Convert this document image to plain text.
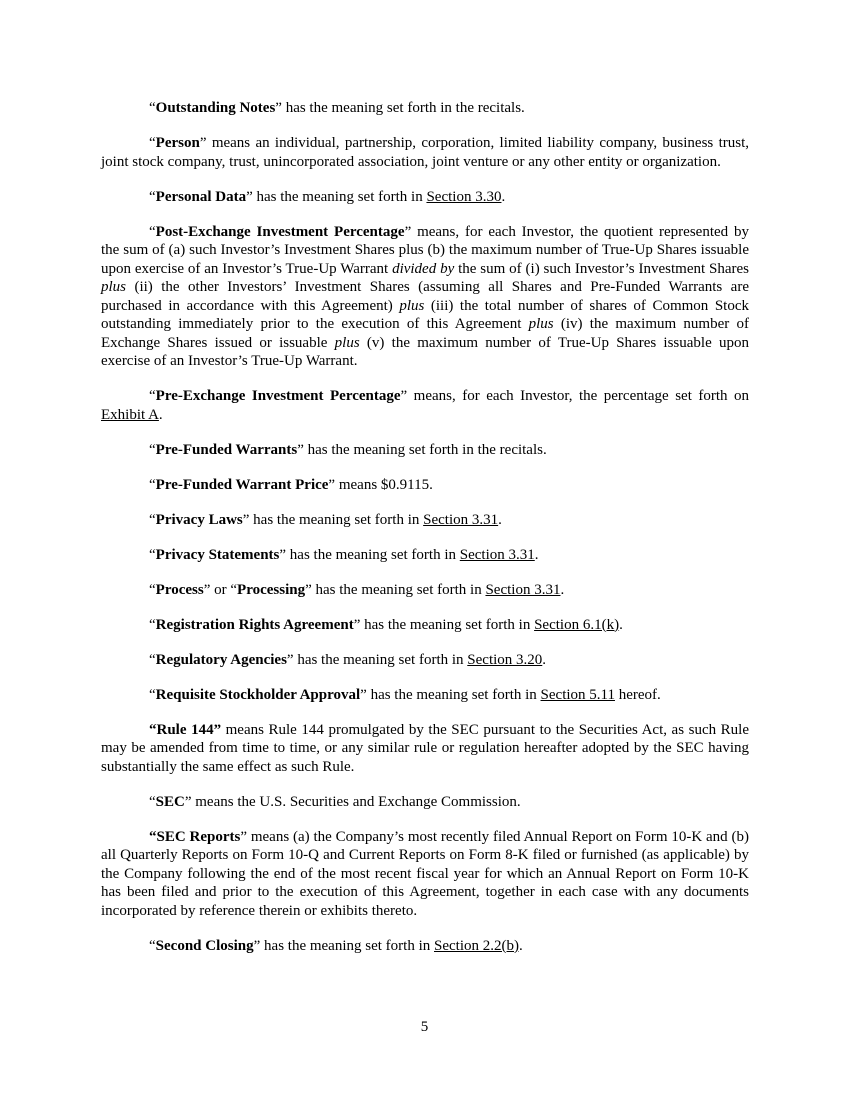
“Outstanding Notes” has the meaning set forth in the recitals.

“Person” means an individual, partnership, corporation, limited liability company, business trust, joint stock company, trust, unincorporated association, joint venture or any other entity or organization.

“Personal Data” has the meaning set forth in Section 3.30.

“Post-Exchange Investment Percentage” means, for each Investor, the quotient represented by the sum of (a) such Investor’s Investment Shares plus (b) the maximum number of True-Up Shares issuable upon exercise of an Investor’s True-Up Warrant divided by the sum of (i) such Investor’s Investment Shares plus (ii) the other Investors’ Investment Shares (assuming all Shares and Pre-Funded Warrants are purchased in accordance with this Agreement) plus (iii) the total number of shares of Common Stock outstanding immediately prior to the execution of this Agreement plus (iv) the maximum number of Exchange Shares issued or issuable plus (v) the maximum number of True-Up Shares issuable upon exercise of an Investor’s True-Up Warrant.

“Pre-Exchange Investment Percentage” means, for each Investor, the percentage set forth on Exhibit A.

“Pre-Funded Warrants” has the meaning set forth in the recitals.

“Pre-Funded Warrant Price” means $0.9115.

“Privacy Laws” has the meaning set forth in Section 3.31.

“Privacy Statements” has the meaning set forth in Section 3.31.

“Process” or “Processing” has the meaning set forth in Section 3.31.

“Registration Rights Agreement” has the meaning set forth in Section 6.1(k).

“Regulatory Agencies” has the meaning set forth in Section 3.20.

“Requisite Stockholder Approval” has the meaning set forth in Section 5.11 hereof.

“Rule 144” means Rule 144 promulgated by the SEC pursuant to the Securities Act, as such Rule may be amended from time to time, or any similar rule or regulation hereafter adopted by the SEC having substantially the same effect as such Rule.

“SEC” means the U.S. Securities and Exchange Commission.

“SEC Reports” means (a) the Company’s most recently filed Annual Report on Form 10-K and (b) all Quarterly Reports on Form 10-Q and Current Reports on Form 8-K filed or furnished (as applicable) by the Company following the end of the most recent fiscal year for which an Annual Report on Form 10-K has been filed and prior to the execution of this Agreement, together in each case with any documents incorporated by reference therein or exhibits thereto.

“Second Closing” has the meaning set forth in Section 2.2(b).

5
